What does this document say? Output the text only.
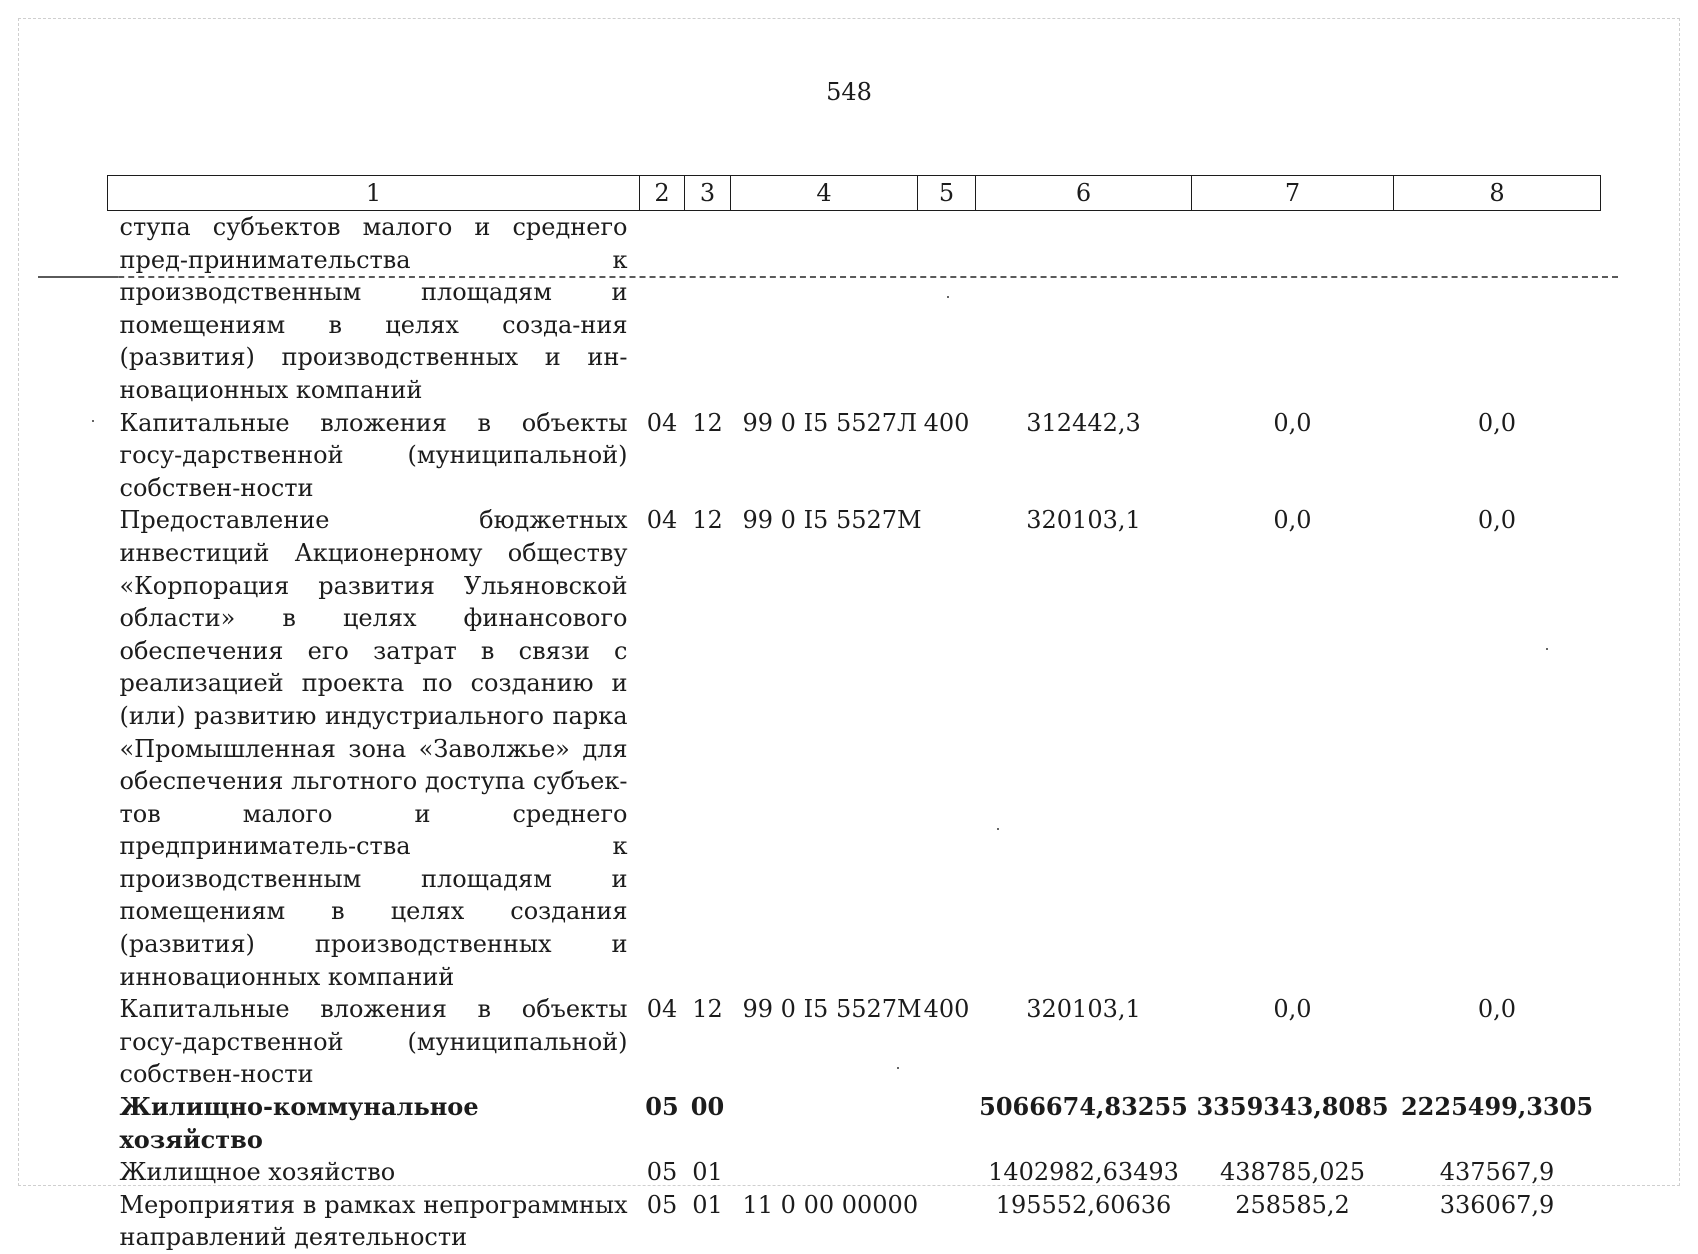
548
1	2	3	4	5	6	7	8
ступа субъектов малого и среднего пред-принимательства к производственным площадям и помещениям в целях созда-ния (развития) производственных и ин-новационных компаний							
Капитальные вложения в объекты госу-дарственной (муниципальной) собствен-ности	04	12	99 0 I5 5527Л	400	312442,3	0,0	0,0
Предоставление бюджетных инвестиций Акционерному обществу «Корпорация развития Ульяновской области» в целях финансового обеспечения его затрат в связи с реализацией проекта по созданию и (или) развитию индустриального парка «Промышленная зона «Заволжье» для обеспечения льготного доступа субъек-тов малого и среднего предприниматель-ства к производственным площадям и помещениям в целях создания (развития) производственных и инновационных компаний	04	12	99 0 I5 5527М		320103,1	0,0	0,0
Капитальные вложения в объекты госу-дарственной (муниципальной) собствен-ности	04	12	99 0 I5 5527М	400	320103,1	0,0	0,0
Жилищно-коммунальное хозяйство	05	00			5066674,83255	3359343,8085	2225499,3305
Жилищное хозяйство	05	01			1402982,63493	438785,025	437567,9
Мероприятия в рамках непрограммных направлений деятельности	05	01	11 0 00 00000		195552,60636	258585,2	336067,9
